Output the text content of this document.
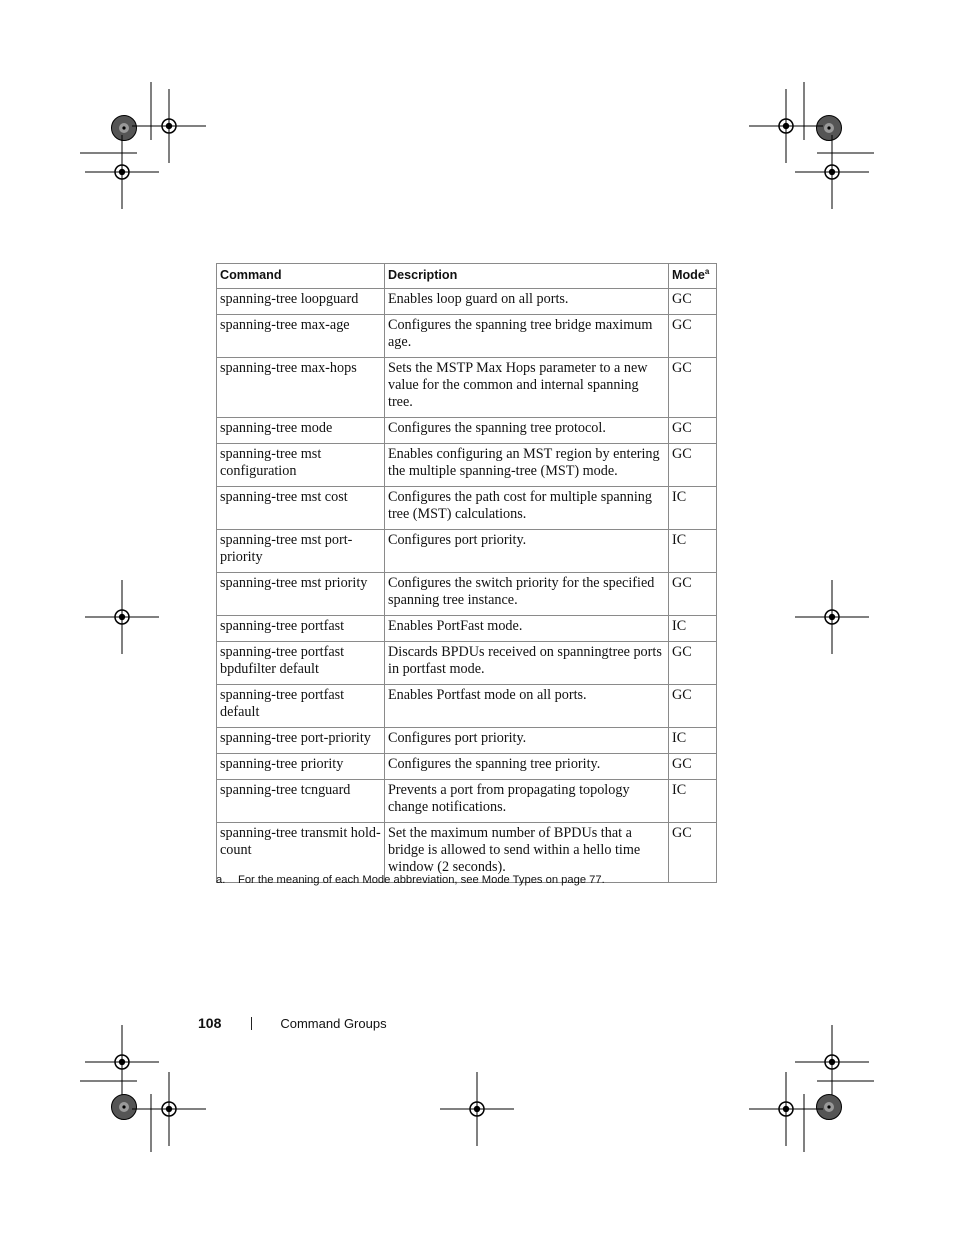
Command	Description	Mode$^a$
spanning-tree loopguard	Enables loop guard on all ports.	GC
spanning-tree max-age	Configures the spanning tree bridge maximum age.	GC
spanning-tree max-hops	Sets the MSTP Max Hops parameter to a new value for the common and internal spanning tree.	GC
spanning-tree mode	Configures the spanning tree protocol.	GC
spanning-tree mst configuration	Enables configuring an MST region by entering the multiple spanning-tree (MST) mode.	GC
spanning-tree mst cost	Configures the path cost for multiple spanning tree (MST) calculations.	IC
spanning-tree mst port-priority	Configures port priority.	IC
spanning-tree mst priority	Configures the switch priority for the specified spanning tree instance.	GC
spanning-tree portfast	Enables PortFast mode.	IC
spanning-tree portfast bpdufilter default	Discards BPDUs received on spanningtree ports in portfast mode.	GC
spanning-tree portfast default	Enables Portfast mode on all ports.	GC
spanning-tree port-priority	Configures port priority.	IC
spanning-tree priority	Configures the spanning tree priority.	GC
spanning-tree tcnguard	Prevents a port from propagating topology change notifications.	IC
spanning-tree transmit hold-count	Set the maximum number of BPDUs that a bridge is allowed to send within a hello time window (2 seconds).	GC
a. For the meaning of each Mode abbreviation, see Mode Types on page 77.
108	Command Groups
